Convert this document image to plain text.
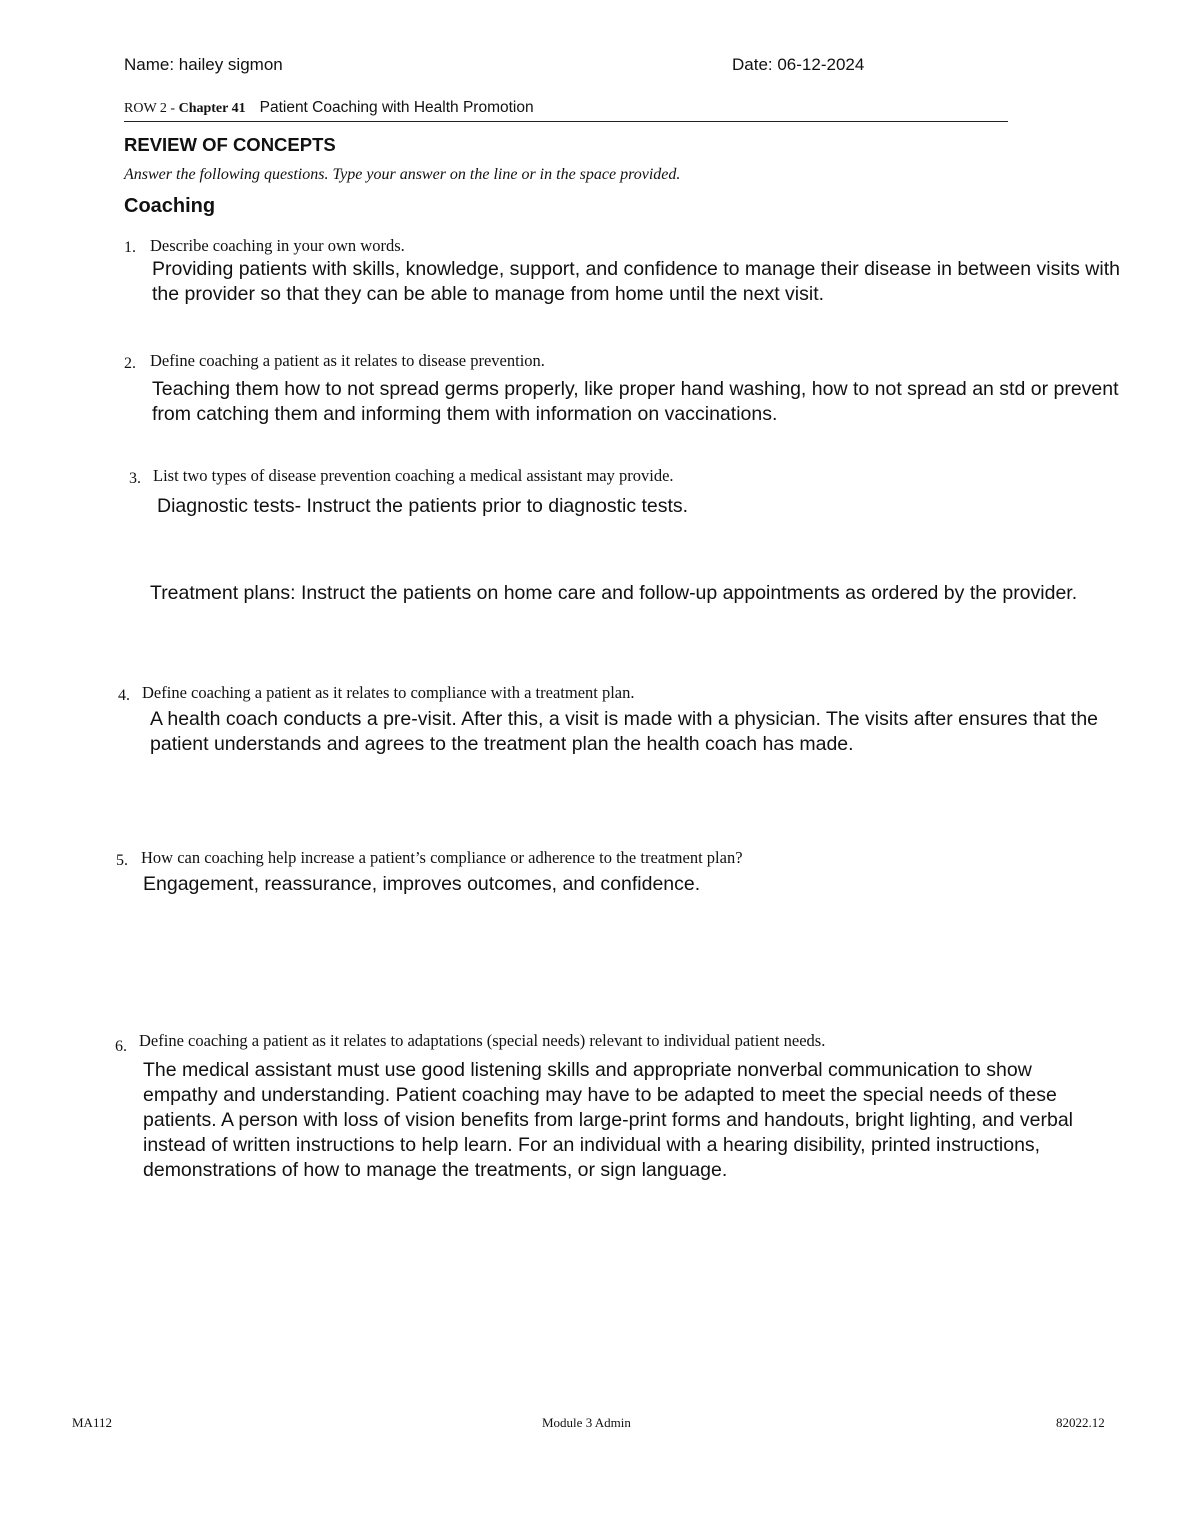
Name: hailey sigmon	Date: 06-12-2024
ROW 2 - Chapter 41 Patient Coaching with Health Promotion
REVIEW OF CONCEPTS
Answer the following questions. Type your answer on the line or in the space provided.
Coaching
1. Describe coaching in your own words.
Providing patients with skills, knowledge, support, and confidence to manage their disease in between visits with the provider so that they can be able to manage from home until the next visit.
2. Define coaching a patient as it relates to disease prevention.
Teaching them how to not spread germs properly, like proper hand washing, how to not spread an std or prevent from catching them and informing them with information on vaccinations.
3. List two types of disease prevention coaching a medical assistant may provide.
Diagnostic tests- Instruct the patients prior to diagnostic tests.
Treatment plans: Instruct the patients on home care and follow-up appointments as ordered by the provider.
4. Define coaching a patient as it relates to compliance with a treatment plan.
A health coach conducts a pre-visit. After this, a visit is made with a physician. The visits after ensures that the patient understands and agrees to the treatment plan the health coach has made.
5. How can coaching help increase a patient’s compliance or adherence to the treatment plan?
Engagement, reassurance, improves outcomes, and confidence.
6. Define coaching a patient as it relates to adaptations (special needs) relevant to individual patient needs.
The medical assistant must use good listening skills and appropriate nonverbal communication to show empathy and understanding. Patient coaching may have to be adapted to meet the special needs of these patients. A person with loss of vision benefits from large-print forms and handouts, bright lighting, and verbal instead of written instructions to help learn. For an individual with a hearing disibility, printed instructions, demonstrations of how to manage the treatments, or sign language.
MA112	Module 3 Admin	82022.12
